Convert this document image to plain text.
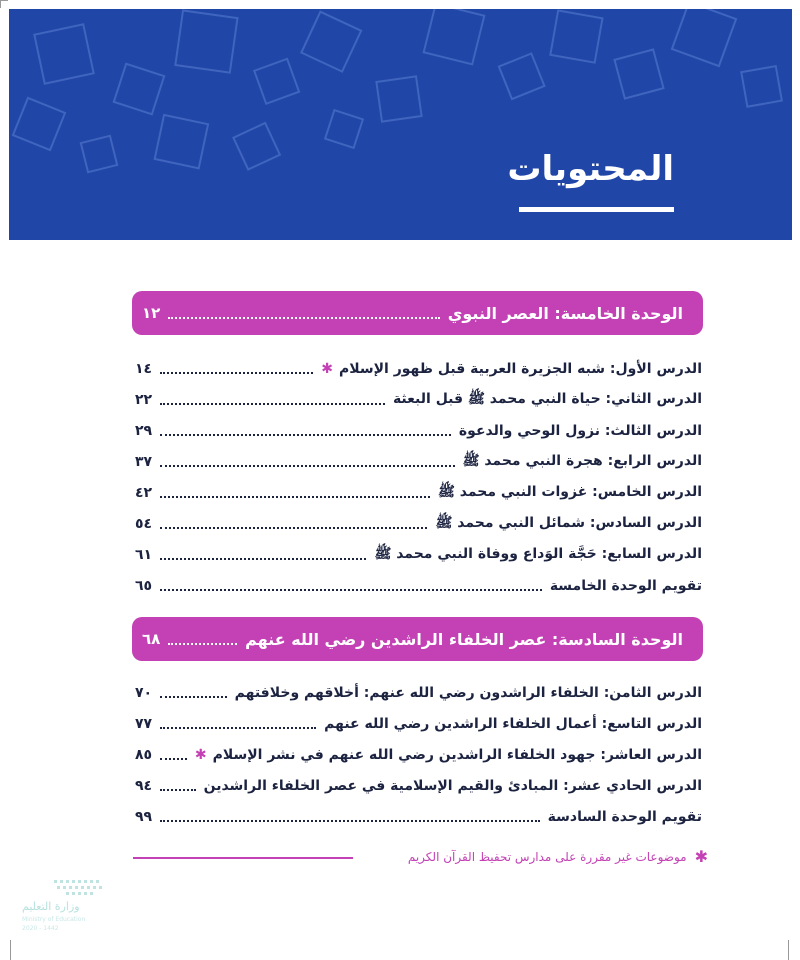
المحتويات
الوحدة الخامسة: العصر النبوي
١٢
الدرس الأول: شبه الجزيرة العربية قبل ظهور الإسلام
✱
١٤
الدرس الثاني: حياة النبي محمد ﷺ قبل البعثة
٢٢
الدرس الثالث: نزول الوحي والدعوة
٢٩
الدرس الرابع: هجرة النبي محمد ﷺ
٣٧
الدرس الخامس: غزوات النبي محمد ﷺ
٤٢
الدرس السادس: شمائل النبي محمد ﷺ
٥٤
الدرس السابع: حَجَّة الوَداع ووفاة النبي محمد ﷺ
٦١
تقويم الوحدة الخامسة
٦٥
الوحدة السادسة: عصر الخلفاء الراشدين رضي الله عنهم
٦٨
الدرس الثامن: الخلفاء الراشدون رضي الله عنهم: أخلاقهم وخلافتهم
٧٠
الدرس التاسع: أعمال الخلفاء الراشدين رضي الله عنهم
٧٧
الدرس العاشر: جهود الخلفاء الراشدين رضي الله عنهم في نشر الإسلام
✱
٨٥
الدرس الحادي عشر: المبادئ والقيم الإسلامية في عصر الخلفاء الراشدين
٩٤
تقويم الوحدة السادسة
٩٩
✱
موضوعات غير مقررة على مدارس تحفيظ القرآن الكريم
وزارة التعليم
Ministry of Education
2020 - 1442
